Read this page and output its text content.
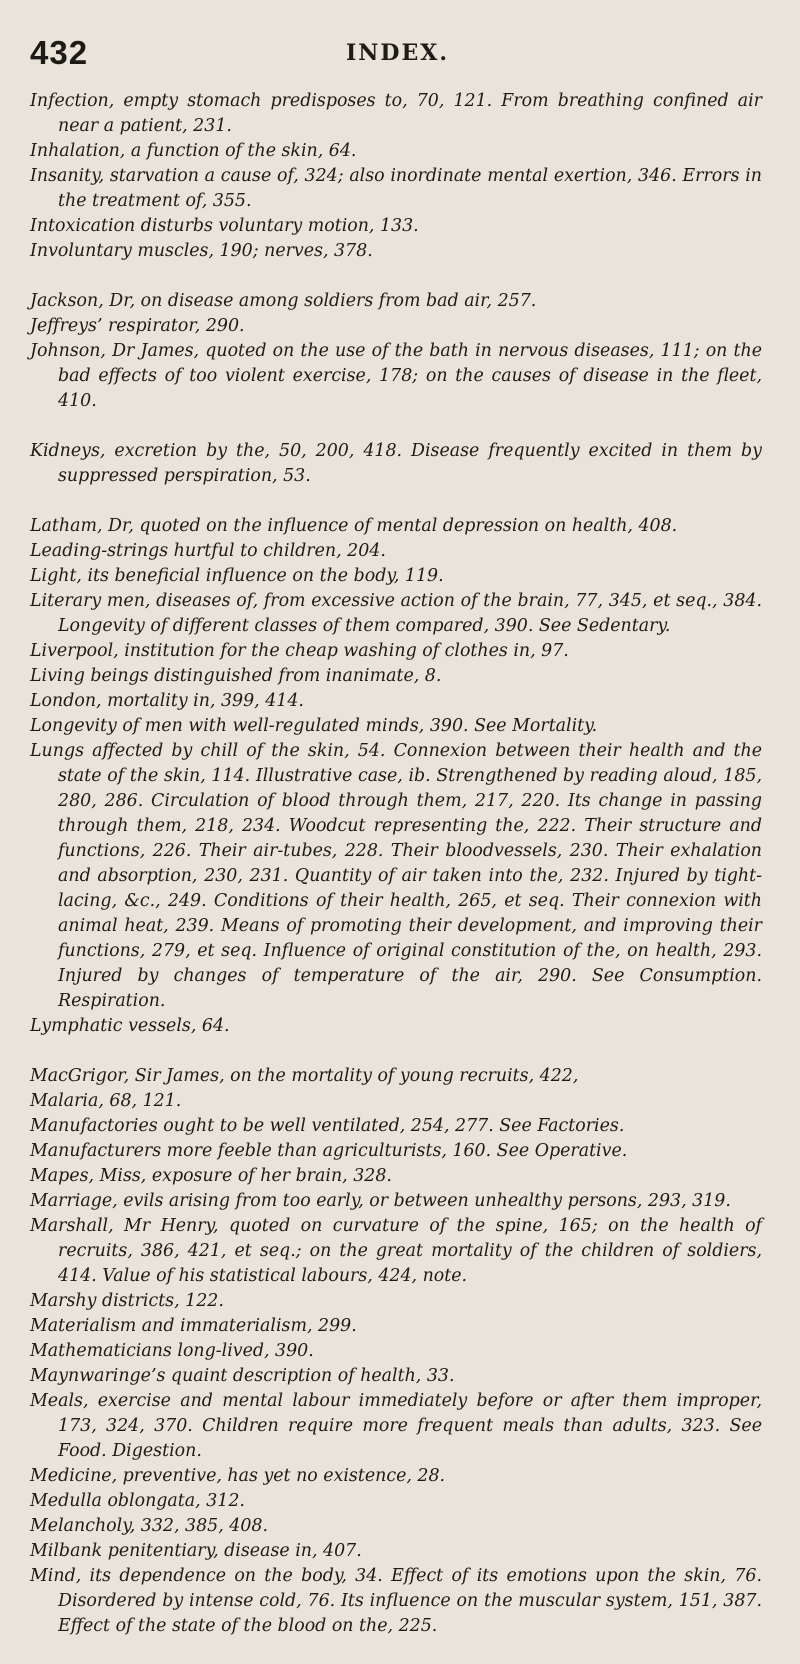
432	INDEX.

Infection, empty stomach predisposes to, 70, 121. From breathing confined air near a patient, 231.

Inhalation, a function of the skin, 64.

Insanity, starvation a cause of, 324; also inordinate mental exertion, 346. Errors in the treatment of, 355.

Intoxication disturbs voluntary motion, 133.

Involuntary muscles, 190; nerves, 378.

Jackson, Dr, on disease among soldiers from bad air, 257.

Jeffreys’ respirator, 290.

Johnson, Dr James, quoted on the use of the bath in nervous diseases, 111; on the bad effects of too violent exercise, 178; on the causes of disease in the fleet, 410.

Kidneys, excretion by the, 50, 200, 418. Disease frequently excited in them by suppressed perspiration, 53.

Latham, Dr, quoted on the influence of mental depression on health, 408.

Leading-strings hurtful to children, 204.

Light, its beneficial influence on the body, 119.

Literary men, diseases of, from excessive action of the brain, 77, 345, et seq., 384. Longevity of different classes of them compared, 390. See Sedentary.

Liverpool, institution for the cheap washing of clothes in, 97.

Living beings distinguished from inanimate, 8.

London, mortality in, 399, 414.

Longevity of men with well-regulated minds, 390. See Mortality.

Lungs affected by chill of the skin, 54. Connexion between their health and the state of the skin, 114. Illustrative case, ib. Strengthened by reading aloud, 185, 280, 286. Circulation of blood through them, 217, 220. Its change in passing through them, 218, 234. Woodcut representing the, 222. Their structure and functions, 226. Their air-tubes, 228. Their bloodvessels, 230. Their exhalation and absorption, 230, 231. Quantity of air taken into the, 232. Injured by tight-lacing, &c., 249. Conditions of their health, 265, et seq. Their connexion with animal heat, 239. Means of promoting their development, and improving their functions, 279, et seq. Influence of original constitution of the, on health, 293. Injured by changes of temperature of the air, 290. See Consumption. Respiration.

Lymphatic vessels, 64.

MacGrigor, Sir James, on the mortality of young recruits, 422,

Malaria, 68, 121.

Manufactories ought to be well ventilated, 254, 277. See Factories.

Manufacturers more feeble than agriculturists, 160. See Operative.

Mapes, Miss, exposure of her brain, 328.

Marriage, evils arising from too early, or between unhealthy persons, 293, 319.

Marshall, Mr Henry, quoted on curvature of the spine, 165; on the health of recruits, 386, 421, et seq.; on the great mortality of the children of soldiers, 414. Value of his statistical labours, 424, note.

Marshy districts, 122.

Materialism and immaterialism, 299.

Mathematicians long-lived, 390.

Maynwaringe’s quaint description of health, 33.

Meals, exercise and mental labour immediately before or after them improper, 173, 324, 370. Children require more frequent meals than adults, 323. See Food. Digestion.

Medicine, preventive, has yet no existence, 28.

Medulla oblongata, 312.

Melancholy, 332, 385, 408.

Milbank penitentiary, disease in, 407.

Mind, its dependence on the body, 34. Effect of its emotions upon the skin, 76. Disordered by intense cold, 76. Its influence on the muscular system, 151, 387. Effect of the state of the blood on the, 225.
